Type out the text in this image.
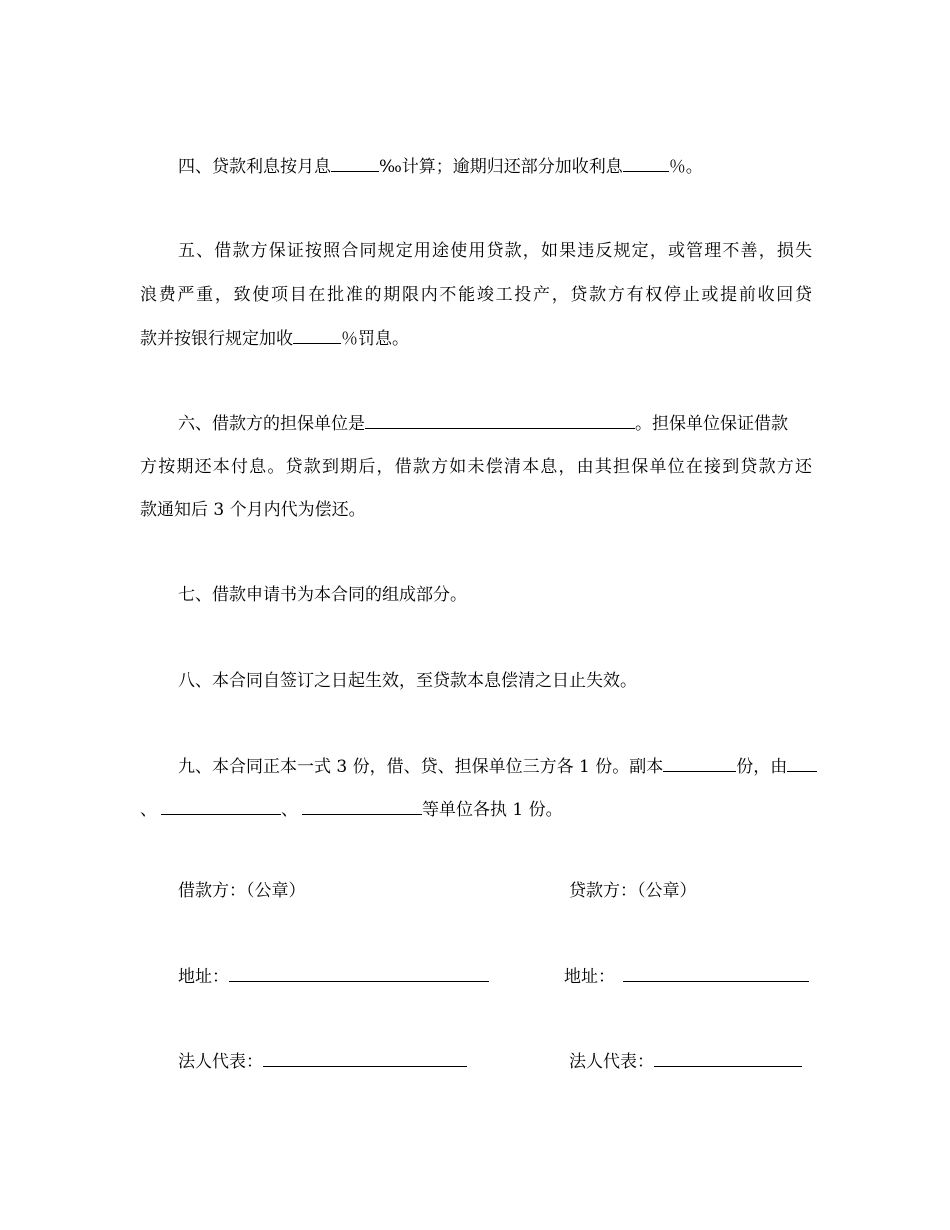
四、贷款利息按月息	‰计算；逾期归还部分加收利息	％。
五、借款方保证按照合同规定用途使用贷款，如果违反规定，或管理不善，损失
浪费严重，致使项目在批准的期限内不能竣工投产，贷款方有权停止或提前收回贷
款并按银行规定加收	％罚息。
六、借款方的担保单位是	。担保单位保证借款
方按期还本付息。贷款到期后，借款方如未偿清本息，由其担保单位在接到贷款方还
款通知后 3 个月内代为偿还。
七、借款申请书为本合同的组成部分。
八、本合同自签订之日起生效，至贷款本息偿清之日止失效。
九、本合同正本一式 3 份，借、贷、担保单位三方各 1 份。副本	份，由
、	、	等单位各执 1 份。
借款方：（公章）	贷款方：（公章）
地址：	地址：
法人代表：	法人代表：
